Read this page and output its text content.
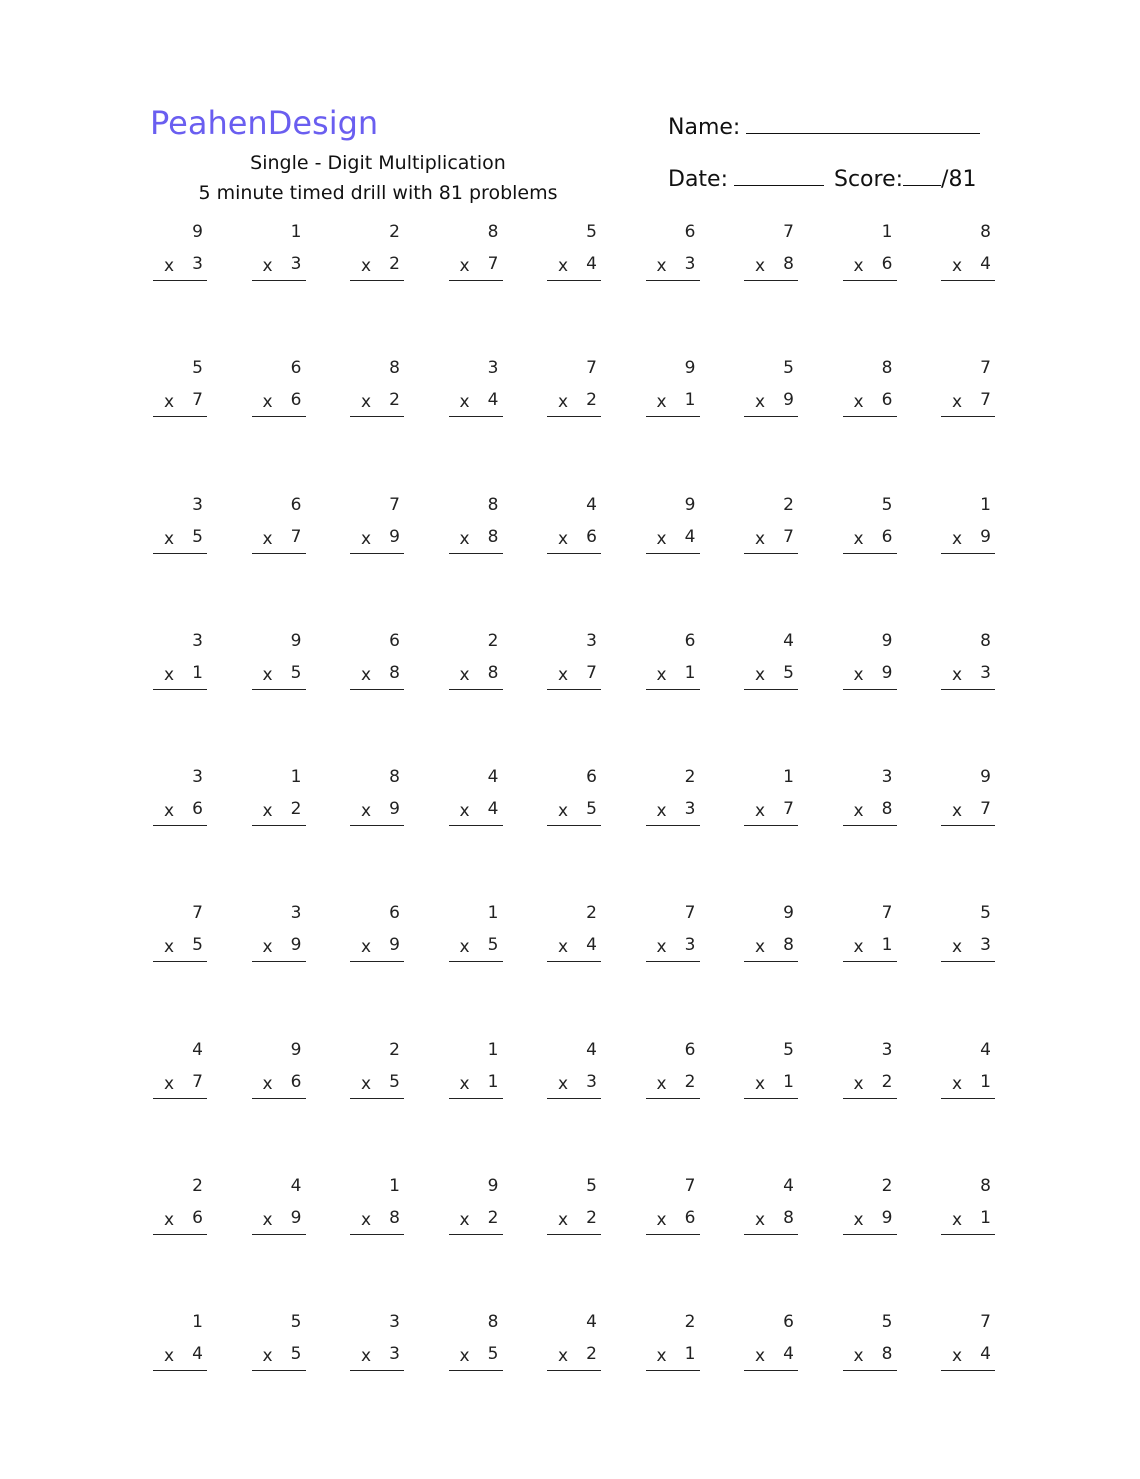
PeahenDesign
Single - Digit Multiplication
5 minute timed drill with 81 problems
Name:
Date:	Score: /81
9
x 3
1
x 3
2
x 2
8
x 7
5
x 4
6
x 3
7
x 8
1
x 6
8
x 4
5
x 7
6
x 6
8
x 2
3
x 4
7
x 2
9
x 1
5
x 9
8
x 6
7
x 7
3
x 5
6
x 7
7
x 9
8
x 8
4
x 6
9
x 4
2
x 7
5
x 6
1
x 9
3
x 1
9
x 5
6
x 8
2
x 8
3
x 7
6
x 1
4
x 5
9
x 9
8
x 3
3
x 6
1
x 2
8
x 9
4
x 4
6
x 5
2
x 3
1
x 7
3
x 8
9
x 7
7
x 5
3
x 9
6
x 9
1
x 5
2
x 4
7
x 3
9
x 8
7
x 1
5
x 3
4
x 7
9
x 6
2
x 5
1
x 1
4
x 3
6
x 2
5
x 1
3
x 2
4
x 1
2
x 6
4
x 9
1
x 8
9
x 2
5
x 2
7
x 6
4
x 8
2
x 9
8
x 1
1
x 4
5
x 5
3
x 3
8
x 5
4
x 2
2
x 1
6
x 4
5
x 8
7
x 4
